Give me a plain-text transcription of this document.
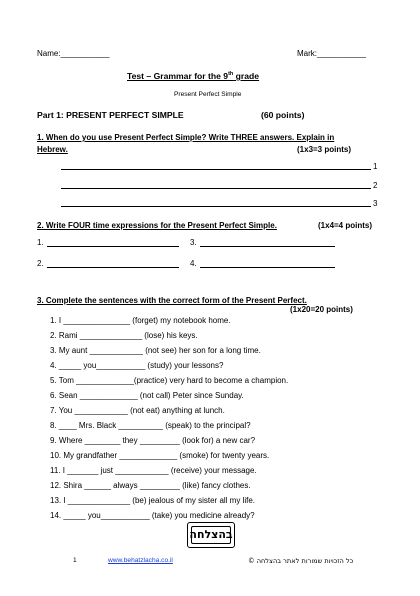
Name:___________	Mark:___________
Test – Grammar for the 9th grade
Present Perfect Simple
Part 1: PRESENT PERFECT SIMPLE	(60 points)
1. When do you use Present Perfect Simple? Write THREE answers. Explain in
Hebrew.	(1x3=3 points)
1
2
3
2. Write FOUR time expressions for the Present Perfect Simple.	(1x4=4 points)
1.	3.
2.	4.
3. Complete the sentences with the correct form of the Present Perfect.
(1x20=20 points)
1. I _______________ (forget) my notebook home.
2. Rami ______________ (lose) his keys.
3. My aunt ____________ (not see) her son for a long time.
4. _____ you___________ (study) your lessons?
5. Tom _____________(practice) very hard to become a champion.
6. Sean _____________ (not call) Peter since Sunday.
7. You ____________ (not eat) anything at lunch.
8. ____ Mrs. Black __________ (speak) to the principal?
9. Where ________ they _________ (look for) a new car?
10. My grandfather _____________ (smoke) for twenty years.
11. I _______ just ____________ (receive) your message.
12. Shira ______ always _________ (like) fancy clothes.
13. I ______________ (be) jealous of my sister all my life.
14. _____ you___________ (take) you medicine already?
בהצלחה
1	www.behatzlacha.co.il	כל הזכויות שמורות לאתר בהצלחה ©
